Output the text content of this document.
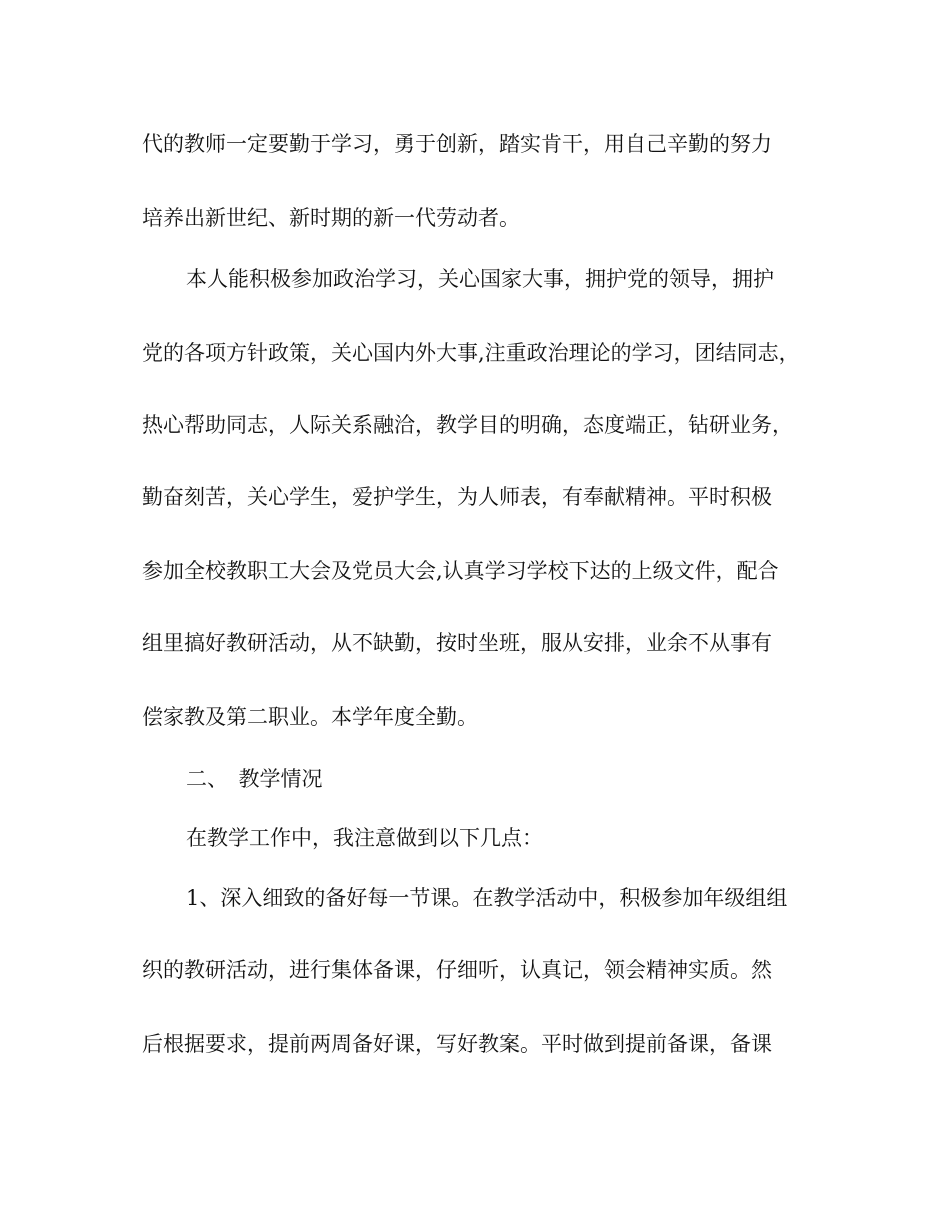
代的教师一定要勤于学习，勇于创新，踏实肯干，用自己辛勤的努力

培养出新世纪、新时期的新一代劳动者。

本人能积极参加政治学习，关心国家大事，拥护党的领导，拥护

党的各项方针政策，关心国内外大事,注重政治理论的学习，团结同志，

热心帮助同志，人际关系融洽，教学目的明确，态度端正，钻研业务，

勤奋刻苦，关心学生，爱护学生，为人师表，有奉献精神。平时积极

参加全校教职工大会及党员大会,认真学习学校下达的上级文件，配合

组里搞好教研活动，从不缺勤，按时坐班，服从安排，业余不从事有

偿家教及第二职业。本学年度全勤。

二、　教学情况

在教学工作中，我注意做到以下几点：

1、深入细致的备好每一节课。在教学活动中，积极参加年级组组

织的教研活动，进行集体备课，仔细听，认真记，领会精神实质。然

后根据要求，提前两周备好课，写好教案。平时做到提前备课，备课
